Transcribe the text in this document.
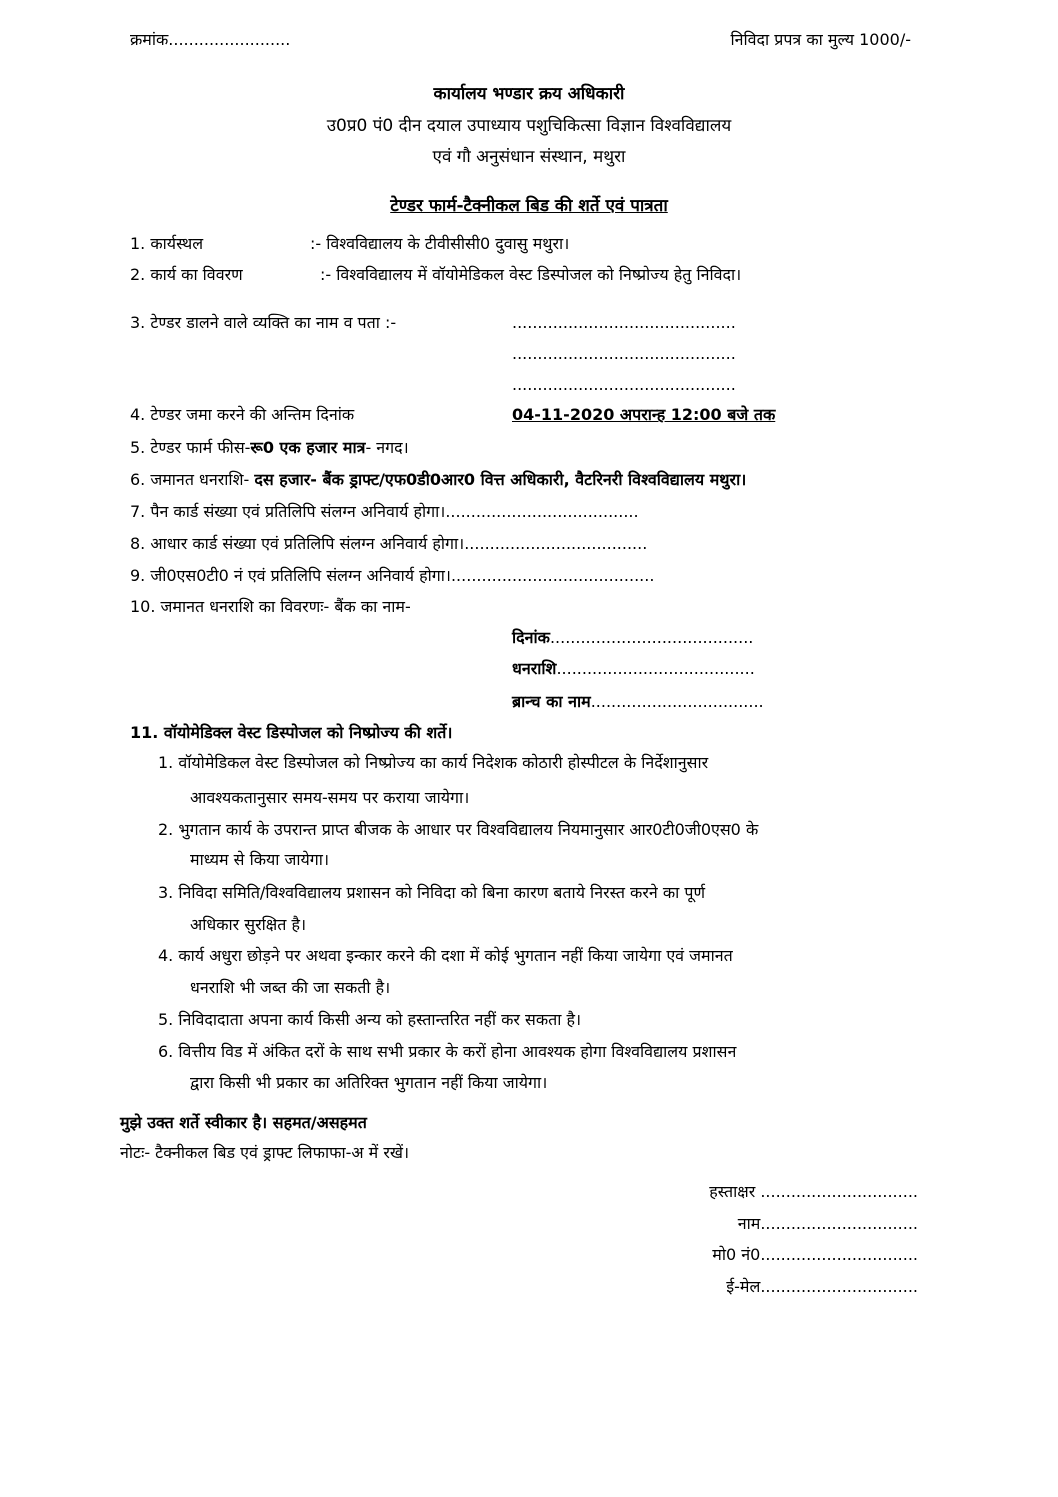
क्रमांक........................	निविदा प्रपत्र का मुल्य 1000/-
कार्यालय भण्डार क्रय अधिकारी
उ0प्र0 पं0 दीन दयाल उपाध्याय पशुचिकित्सा विज्ञान विश्वविद्यालय
एवं गौ अनुसंधान संस्थान, मथुरा
टेण्डर फार्म-टैक्नीकल बिड की शर्ते एवं पात्रता
1. कार्यस्थल	:- विश्वविद्यालय के टीवीसीसी0 दुवासु मथुरा।
2. कार्य का विवरण	:- विश्वविद्यालय में वॉयोमेडिकल वेस्ट डिस्पोजल को निष्प्रोज्य हेतु निविदा।
3. टेण्डर डालने वाले व्यक्ति का नाम व पता :-	............................................
............................................
............................................
4. टेण्डर जमा करने की अन्तिम दिनांक	04-11-2020 अपरान्ह 12:00 बजे तक
5. टेण्डर फार्म फीस-रू0 एक हजार मात्र- नगद।
6. जमानत धनराशि- दस हजार- बैंक ड्राफ्ट/एफ0डी0आर0 वित्त अधिकारी, वैटरिनरी विश्वविद्यालय मथुरा।
7. पैन कार्ड संख्या एवं प्रतिलिपि संलग्न अनिवार्य होगा।......................................
8. आधार कार्ड संख्या एवं प्रतिलिपि संलग्न अनिवार्य होगा।....................................
9. जी0एस0टी0 नं एवं प्रतिलिपि संलग्न अनिवार्य होगा।........................................
10. जमानत धनराशि का विवरणः- बैंक का नाम-
दिनांक........................................
धनराशि.......................................
ब्रान्च का नाम..................................
11. वॉयोमेडिक्ल वेस्ट डिस्पोजल को निष्प्रोज्य की शर्ते।
1. वॉयोमेडिकल वेस्ट डिस्पोजल को निष्प्रोज्य का कार्य निदेशक कोठारी होस्पीटल के निर्देशानुसार
आवश्यकतानुसार समय-समय पर कराया जायेगा।
2. भुगतान कार्य के उपरान्त प्राप्त बीजक के आधार पर विश्वविद्यालय नियमानुसार आर0टी0जी0एस0 के
माध्यम से किया जायेगा।
3. निविदा समिति/विश्वविद्यालय प्रशासन को निविदा को बिना कारण बताये निरस्त करने का पूर्ण
अधिकार सुरक्षित है।
4. कार्य अधुरा छोड़ने पर अथवा इन्कार करने की दशा में कोई भुगतान नहीं किया जायेगा एवं जमानत
धनराशि भी जब्त की जा सकती है।
5. निविदादाता अपना कार्य किसी अन्य को हस्तान्तरित नहीं कर सकता है।
6. वित्तीय विड में अंकित दरों के साथ सभी प्रकार के करों होना आवश्यक होगा विश्वविद्यालय प्रशासन
द्वारा किसी भी प्रकार का अतिरिक्त भुगतान नहीं किया जायेगा।
मुझे उक्त शर्ते स्वीकार है। सहमत/असहमत
नोटः- टैक्नीकल बिड एवं ड्राफ्ट लिफाफा-अ में रखें।
हस्ताक्षर ...............................
नाम...............................
मो0 नं0...............................
ई-मेल...............................
